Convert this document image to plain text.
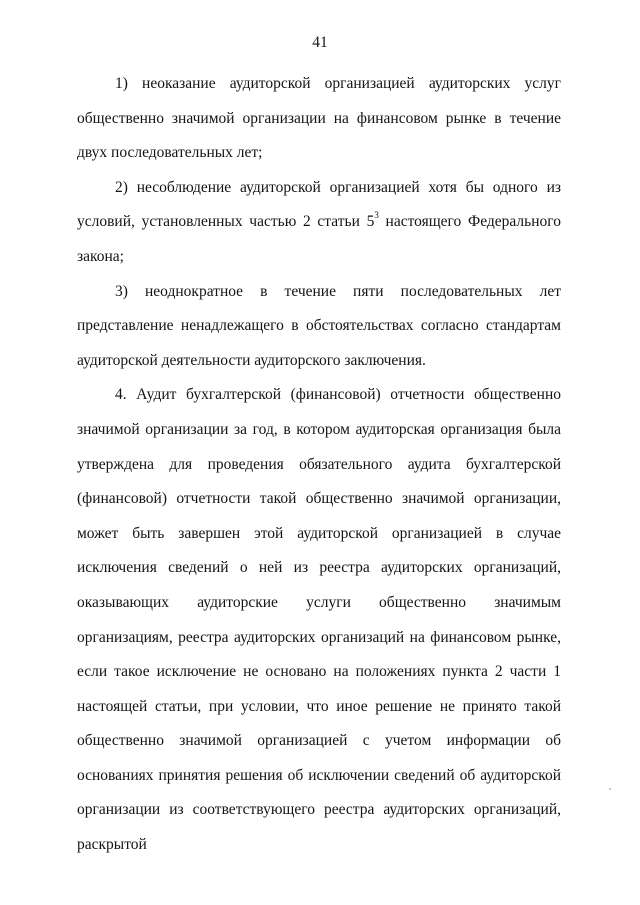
41

1) неоказание аудиторской организацией аудиторских услуг общественно значимой организации на финансовом рынке в течение двух последовательных лет;

2) несоблюдение аудиторской организацией хотя бы одного из условий, установленных частью 2 статьи $5^3$ настоящего Федерального закона;

3) неоднократное в течение пяти последовательных лет представление ненадлежащего в обстоятельствах согласно стандартам аудиторской деятельности аудиторского заключения.

4. Аудит бухгалтерской (финансовой) отчетности общественно значимой организации за год, в котором аудиторская организация была утверждена для проведения обязательного аудита бухгалтерской (финансовой) отчетности такой общественно значимой организации, может быть завершен этой аудиторской организацией в случае исключения сведений о ней из реестра аудиторских организаций, оказывающих аудиторские услуги общественно значимым организациям, реестра аудиторских организаций на финансовом рынке, если такое исключение не основано на положениях пункта 2 части 1 настоящей статьи, при условии, что иное решение не принято такой общественно значимой организацией с учетом информации об основаниях принятия решения об исключении сведений об аудиторской организации из соответствующего реестра аудиторских организаций, раскрытой
